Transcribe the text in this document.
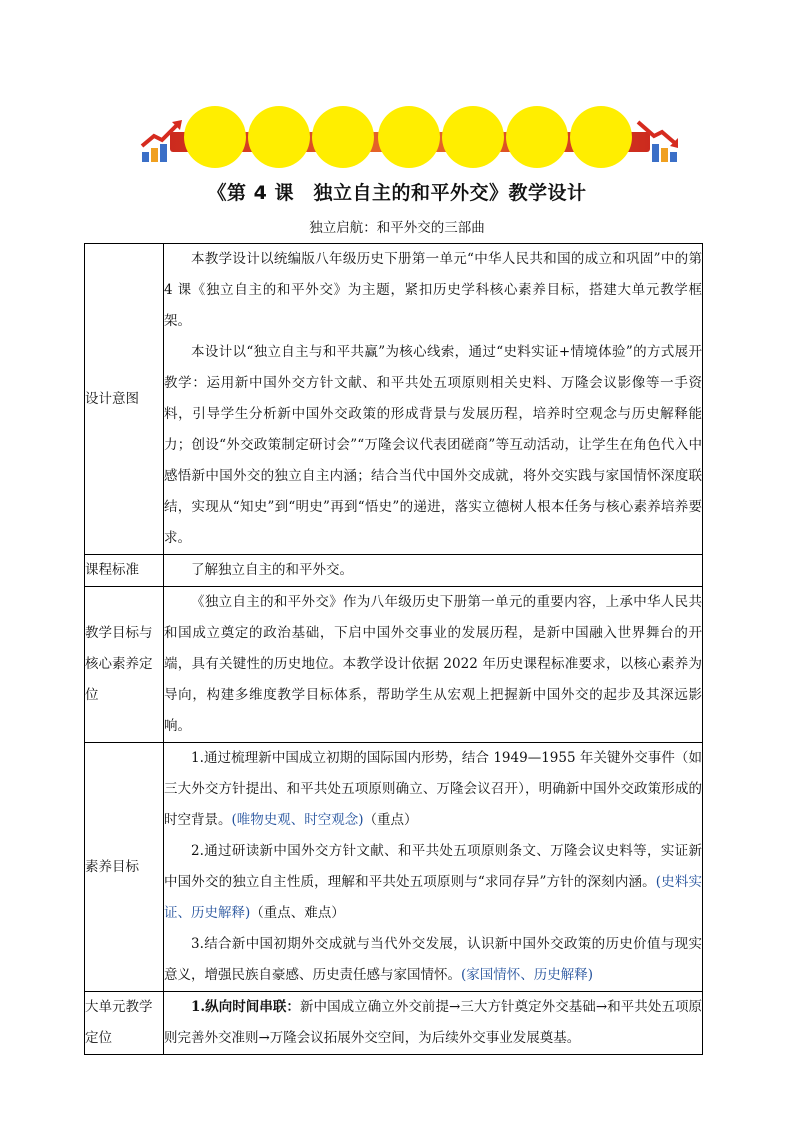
《第 4 课　独立自主的和平外交》教学设计
独立启航：和平外交的三部曲
设计意图	本教学设计以统编版八年级历史下册第一单元“中华人民共和国的成立和巩固”中的第 4 课《独立自主的和平外交》为主题，紧扣历史学科核心素养目标，搭建大单元教学框架。

本设计以“独立自主与和平共赢”为核心线索，通过“史料实证+情境体验”的方式展开教学：运用新中国外交方针文献、和平共处五项原则相关史料、万隆会议影像等一手资料，引导学生分析新中国外交政策的形成背景与发展历程，培养时空观念与历史解释能力；创设“外交政策制定研讨会”“万隆会议代表团磋商”等互动活动，让学生在角色代入中感悟新中国外交的独立自主内涵；结合当代中国外交成就，将外交实践与家国情怀深度联结，实现从“知史”到“明史”再到“悟史”的递进，落实立德树人根本任务与核心素养培养要求。

课程标准	了解独立自主的和平外交。

教学目标与核心素养定位	《独立自主的和平外交》作为八年级历史下册第一单元的重要内容，上承中华人民共和国成立奠定的政治基础，下启中国外交事业的发展历程，是新中国融入世界舞台的开端，具有关键性的历史地位。本教学设计依据 2022 年历史课程标准要求，以核心素养为导向，构建多维度教学目标体系，帮助学生从宏观上把握新中国外交的起步及其深远影响。

素养目标	1.通过梳理新中国成立初期的国际国内形势，结合 1949—1955 年关键外交事件（如三大外交方针提出、和平共处五项原则确立、万隆会议召开），明确新中国外交政策形成的时空背景。(唯物史观、时空观念)（重点）

2.通过研读新中国外交方针文献、和平共处五项原则条文、万隆会议史料等，实证新中国外交的独立自主性质，理解和平共处五项原则与“求同存异”方针的深刻内涵。(史料实证、历史解释)（重点、难点）

3.结合新中国初期外交成就与当代外交发展，认识新中国外交政策的历史价值与现实意义，增强民族自豪感、历史责任感与家国情怀。(家国情怀、历史解释)

大单元教学定位	1.纵向时间串联：新中国成立确立外交前提→三大方针奠定外交基础→和平共处五项原则完善外交准则→万隆会议拓展外交空间，为后续外交事业发展奠基。
